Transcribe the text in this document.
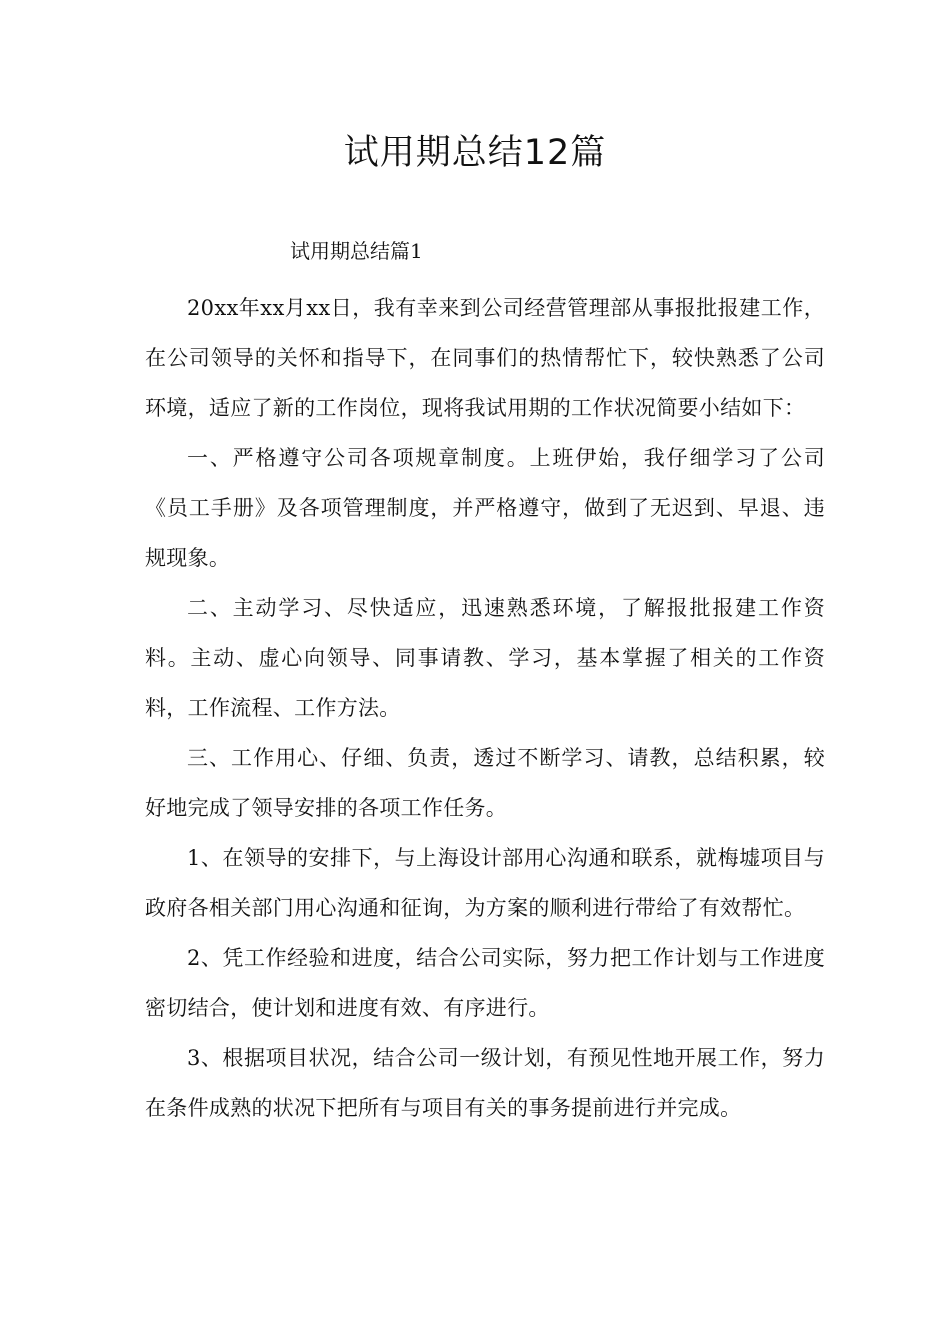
试用期总结12篇
试用期总结篇1

20xx年xx月xx日，我有幸来到公司经营管理部从事报批报建工作，在公司领导的关怀和指导下，在同事们的热情帮忙下，较快熟悉了公司环境，适应了新的工作岗位，现将我试用期的工作状况简要小结如下：

一、严格遵守公司各项规章制度。上班伊始，我仔细学习了公司《员工手册》及各项管理制度，并严格遵守，做到了无迟到、早退、违规现象。

二、主动学习、尽快适应，迅速熟悉环境，了解报批报建工作资料。主动、虚心向领导、同事请教、学习，基本掌握了相关的工作资料，工作流程、工作方法。

三、工作用心、仔细、负责，透过不断学习、请教，总结积累，较好地完成了领导安排的各项工作任务。

1、在领导的安排下，与上海设计部用心沟通和联系，就梅墟项目与政府各相关部门用心沟通和征询，为方案的顺利进行带给了有效帮忙。

2、凭工作经验和进度，结合公司实际，努力把工作计划与工作进度密切结合，使计划和进度有效、有序进行。

3、根据项目状况，结合公司一级计划，有预见性地开展工作，努力在条件成熟的状况下把所有与项目有关的事务提前进行并完成。
